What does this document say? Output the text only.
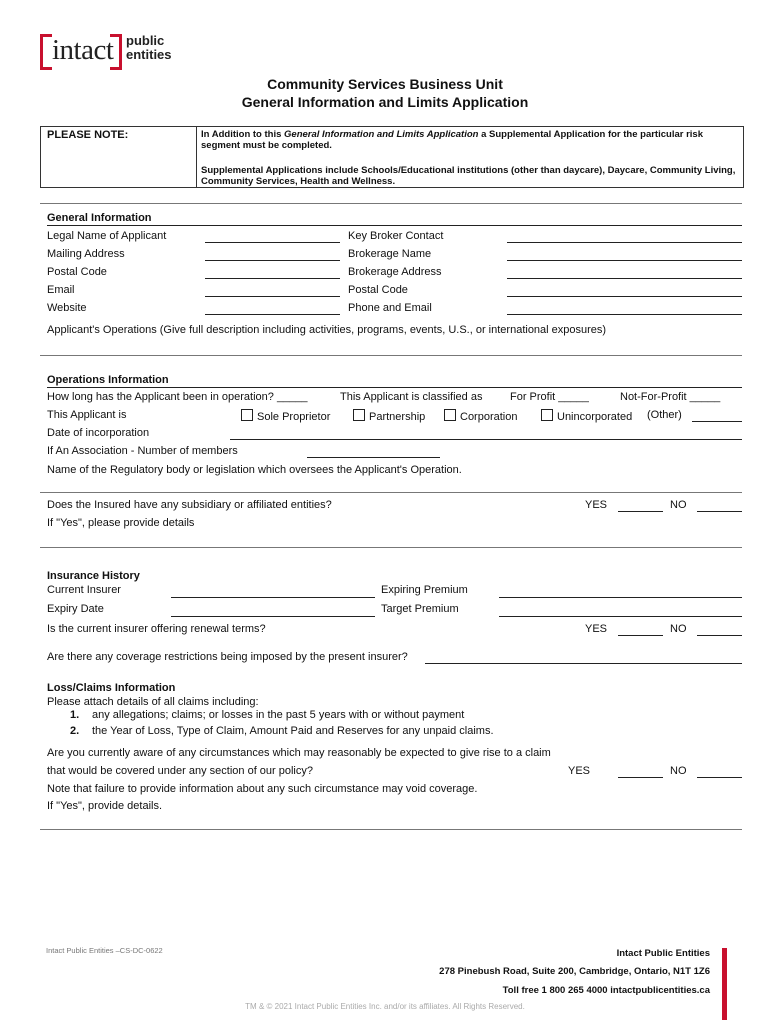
intact public
entities
Community Services Business Unit
General Information and Limits Application
PLEASE NOTE:	In Addition to this General Information and Limits Application a Supplemental Application for the particular risk
segment must be completed.
Supplemental Applications include Schools/Educational institutions (other than daycare), Daycare, Community Living,
Community Services, Health and Wellness.
General Information
Legal Name of Applicant	Key Broker Contact
Mailing Address	Brokerage Name
Postal Code	Brokerage Address
Email	Postal Code
Website	Phone and Email
Applicant's Operations (Give full description including activities, programs, events, U.S., or international exposures)
Operations Information
How long has the Applicant been in operation? _____	This Applicant is classified as	For Profit _____	Not-For-Profit _____
This Applicant is	Sole Proprietor	Partnership	Corporation	Unincorporated (Other)
Date of incorporation
If An Association - Number of members
Name of the Regulatory body or legislation which oversees the Applicant's Operation.
Does the Insured have any subsidiary or affiliated entities?	YES	NO
If "Yes", please provide details
Insurance History
Current Insurer	Expiring Premium
Expiry Date	Target Premium
Is the current insurer offering renewal terms?	YES	NO
Are there any coverage restrictions being imposed by the present insurer?
Loss/Claims Information
Please attach details of all claims including:
1. any allegations; claims; or losses in the past 5 years with or without payment
2. the Year of Loss, Type of Claim, Amount Paid and Reserves for any unpaid claims.
Are you currently aware of any circumstances which may reasonably be expected to give rise to a claim
that would be covered under any section of our policy?	YES	NO
Note that failure to provide information about any such circumstance may void coverage.
If "Yes", provide details.
Intact Public Entities –CS-DC-0622	Intact Public Entities
278 Pinebush Road, Suite 200, Cambridge, Ontario, N1T 1Z6
Toll free 1 800 265 4000 intactpublicentities.ca
TM & © 2021 Intact Public Entities Inc. and/or its affiliates. All Rights Reserved.
